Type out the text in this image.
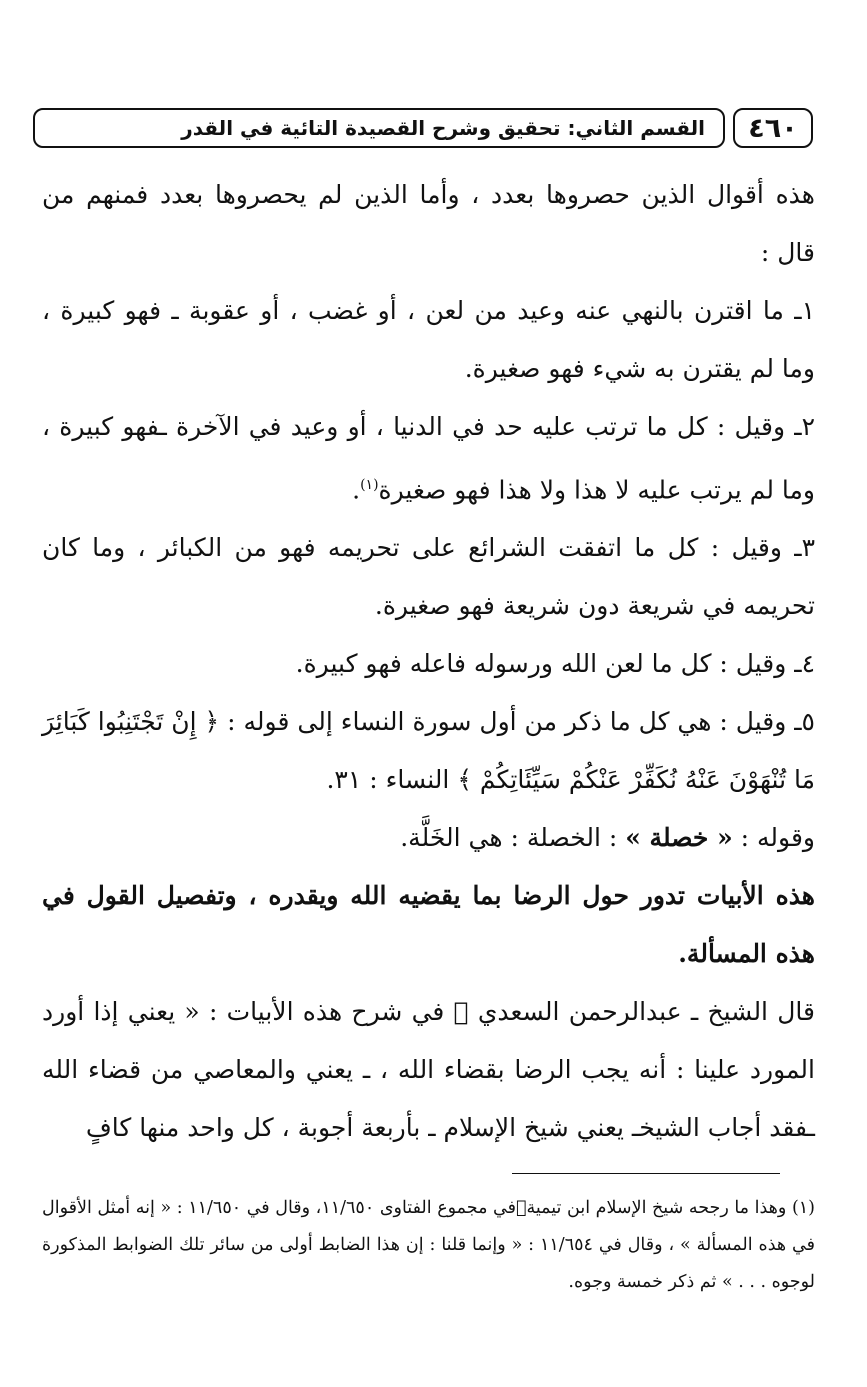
٤٦٠
القسم الثاني: تحقيق وشرح القصيدة التائية في القدر

هذه أقوال الذين حصروها بعدد ، وأما الذين لم يحصروها بعدد فمنهم من قال :

١ـ ما اقترن بالنهي عنه وعيد من لعن ، أو غضب ، أو عقوبة ـ فهو كبيرة ، وما لم يقترن به شيء فهو صغيرة.

٢ـ وقيل : كل ما ترتب عليه حد في الدنيا ، أو وعيد في الآخرة ـفهو كبيرة ، وما لم يرتب عليه لا هذا ولا هذا فهو صغيرة$^{(١)}$.

٣ـ وقيل : كل ما اتفقت الشرائع على تحريمه فهو من الكبائر ، وما كان تحريمه في شريعة دون شريعة فهو صغيرة.

٤ـ وقيل : كل ما لعن الله ورسوله فاعله فهو كبيرة.

٥ـ وقيل : هي كل ما ذكر من أول سورة النساء إلى قوله : ﴿ إِنْ تَجْتَنِبُوا كَبَائِرَ مَا تُنْهَوْنَ عَنْهُ نُكَفِّرْ عَنْكُمْ سَيِّئَاتِكُمْ ﴾ النساء : ٣١.

وقوله : « خصلة » : الخصلة : هي الخَلَّة.

هذه الأبيات تدور حول الرضا بما يقضيه الله ويقدره ، وتفصيل القول في هذه المسألة.

قال الشيخ ـ عبدالرحمن السعدي ﷫ في شرح هذه الأبيات : « يعني إذا أورد المورد علينا : أنه يجب الرضا بقضاء الله ، ـ يعني والمعاصي من قضاء الله ـفقد أجاب الشيخـ يعني شيخ الإسلام ـ بأربعة أجوبة ، كل واحد منها كافٍ

(١) وهذا ما رجحه شيخ الإسلام ابن تيمية﷫في مجموع الفتاوى ١١/٦٥٠، وقال في ١١/٦٥٠ : « إنه أمثل الأقوال في هذه المسألة » ، وقال في ١١/٦٥٤ : « وإنما قلنا : إن هذا الضابط أولى من سائر تلك الضوابط المذكورة لوجوه . . . » ثم ذكر خمسة وجوه.
